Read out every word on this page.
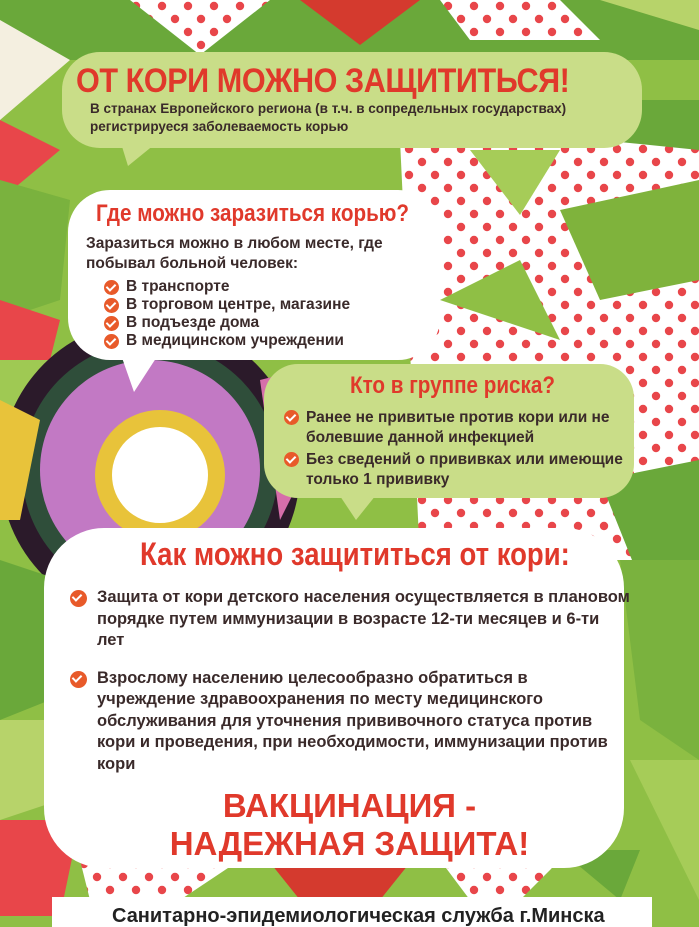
ОТ КОРИ МОЖНО ЗАЩИТИТЬСЯ!
В странах Европейского региона (в т.ч. в сопредельных государствах) регистрируеся заболеваемость корью
Где можно заразиться корью?
Заразиться можно в любом месте, где побывал больной человек:
В транспорте
В торговом центре, магазине
В подъезде дома
В медицинском учреждении
Кто в группе риска?
Ранее не привитые против кори или не болевшие данной инфекцией
Без сведений о прививках или имеющие только 1 прививку
Как можно защититься от кори:
Защита от кори детского населения осуществляется в плановом порядке путем иммунизации в возрасте 12-ти месяцев и 6-ти лет
Взрослому населению целесообразно обратиться в учреждение здравоохранения по месту медицинского обслуживания для уточнения прививочного статуса против кори и проведения, при необходимости, иммунизации против кори
ВАКЦИНАЦИЯ -
НАДЕЖНАЯ ЗАЩИТА!
Санитарно-эпидемиологическая служба г.Минска
